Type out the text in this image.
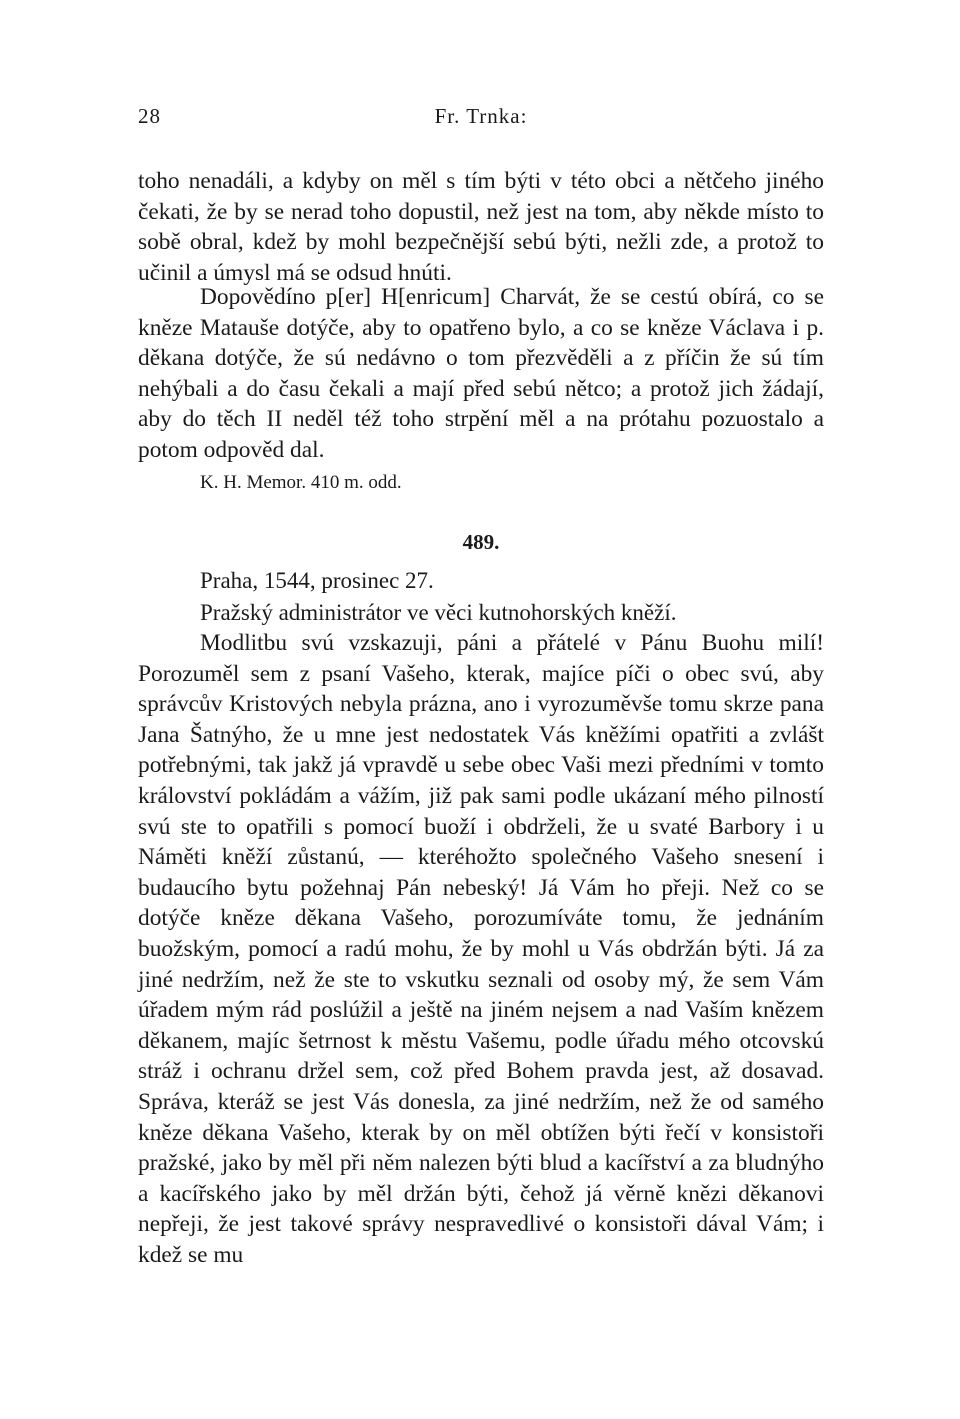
28	Fr. Trnka:

toho nenadáli, a kdyby on měl s tím býti v této obci a nětčeho jiného čekati, že by se nerad toho dopustil, než jest na tom, aby někde místo to sobě obral, kdež by mohl bezpečnější sebú býti, nežli zde, a protož to učinil a úmysl má se odsud hnúti.

Dopovědíno p[er] H[enricum] Charvát, že se cestú obírá, co se kněze Matauše dotýče, aby to opatřeno bylo, a co se kněze Václava i p. děkana dotýče, že sú nedávno o tom přezvěděli a z příčin že sú tím nehýbali a do času čekali a mají před sebú nětco; a protož jich žádají, aby do těch II neděl též toho strpění měl a na prótahu pozuostalo a potom odpověd dal.

K. H. Memor. 410 m. odd.
489.
Praha, 1544, prosinec 27.
Pražský administrátor ve věci kutnohorských kněží.

Modlitbu svú vzskazuji, páni a přátelé v Pánu Buohu milí! Porozuměl sem z psaní Vašeho, kterak, majíce píči o obec svú, aby správcův Kristových nebyla prázna, ano i vyrozuměvše tomu skrze pana Jana Šatnýho, že u mne jest nedostatek Vás kněžími opatřiti a zvlášt potřebnými, tak jakž já vpravdě u sebe obec Vaši mezi předními v tomto království pokládám a vážím, již pak sami podle ukázaní mého pilností svú ste to opatřili s pomocí buoží i obdrželi, že u svaté Barbory i u Náměti kněží zůstanú, — kteréhožto společného Vašeho snesení i budaucího bytu požehnaj Pán nebeský! Já Vám ho přeji. Než co se dotýče kněze děkana Vašeho, porozumíváte tomu, že jednáním buožským, pomocí a radú mohu, že by mohl u Vás obdržán býti. Já za jiné nedržím, než že ste to vskutku seznali od osoby mý, že sem Vám úřadem mým rád poslúžil a ještě na jiném nejsem a nad Vaším knězem děkanem, majíc šetrnost k městu Vašemu, podle úřadu mého otcovskú stráž i ochranu držel sem, což před Bohem pravda jest, až dosavad. Správa, kteráž se jest Vás donesla, za jiné nedržím, než že od samého kněze děkana Vašeho, kterak by on měl obtížen býti řečí v konsistoři pražské, jako by měl při něm nalezen býti blud a kacířství a za bludnýho a kacířského jako by měl držán býti, čehož já věrně knězi děkanovi nepřeji, že jest takové správy nespravedlivé o konsistoři dával Vám; i kdež se mu
